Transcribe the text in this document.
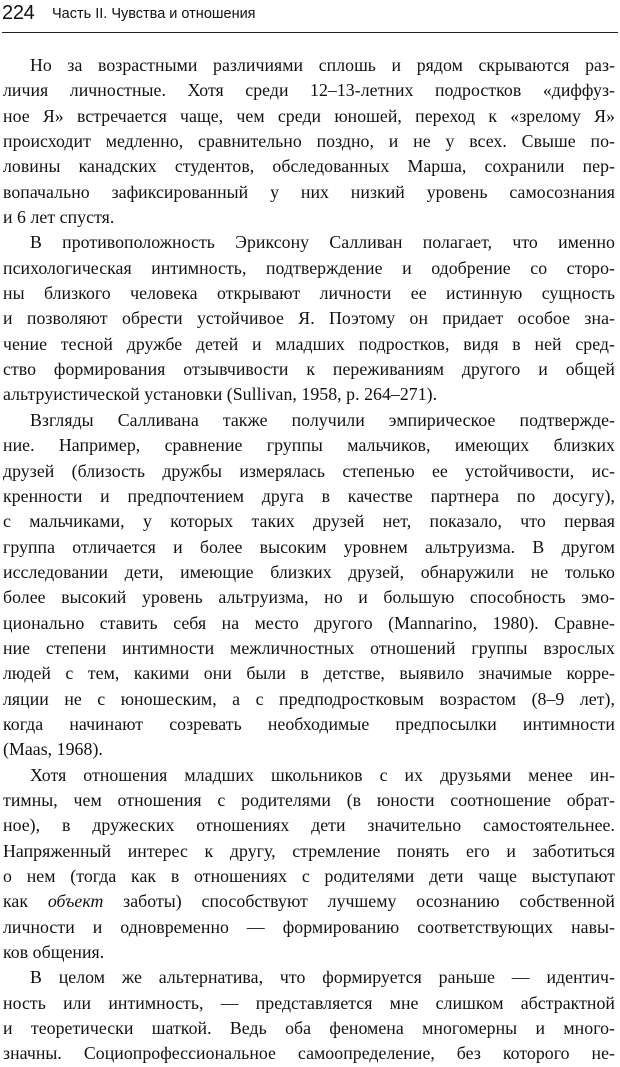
224 Часть II. Чувства и отношения
Но за возрастными различиями сплошь и рядом скрываются раз-
личия личностные. Хотя среди 12–13-летних подростков «диффуз-
ное Я» встречается чаще, чем среди юношей, переход к «зрелому Я»
происходит медленно, сравнительно поздно, и не у всех. Свыше по-
ловины канадских студентов, обследованных Марша, сохранили пер-
вопачально зафиксированный у них низкий уровень самосознания
и 6 лет спустя.
В противоположность Эриксону Салливан полагает, что именно
психологическая интимность, подтверждение и одобрение со сторо-
ны близкого человека открывают личности ее истинную сущность
и позволяют обрести устойчивое Я. Поэтому он придает особое зна-
чение тесной дружбе детей и младших подростков, видя в ней сред-
ство формирования отзывчивости к переживаниям другого и общей
альтруистической установки (Sullivan, 1958, p. 264–271).
Взгляды Салливана также получили эмпирическое подтвержде-
ние. Например, сравнение группы мальчиков, имеющих близких
друзей (близость дружбы измерялась степенью ее устойчивости, ис-
кренности и предпочтением друга в качестве партнера по досугу),
с мальчиками, у которых таких друзей нет, показало, что первая
группа отличается и более высоким уровнем альтруизма. В другом
исследовании дети, имеющие близких друзей, обнаружили не только
более высокий уровень альтруизма, но и большую способность эмо-
ционально ставить себя на место другого (Mannarino, 1980). Сравне-
ние степени интимности межличностных отношений группы взрослых
людей с тем, какими они были в детстве, выявило значимые корре-
ляции не с юношеским, а с предподростковым возрастом (8–9 лет),
когда начинают созревать необходимые предпосылки интимности
(Maas, 1968).
Хотя отношения младших школьников с их друзьями менее ин-
тимны, чем отношения с родителями (в юности соотношение обрат-
ное), в дружеских отношениях дети значительно самостоятельнее.
Напряженный интерес к другу, стремление понять его и заботиться
о нем (тогда как в отношениях с родителями дети чаще выступают
как объект заботы) способствуют лучшему осознанию собственной
личности и одновременно — формированию соответствующих навы-
ков общения.
В целом же альтернатива, что формируется раньше — идентич-
ность или интимность, — представляется мне слишком абстрактной
и теоретически шаткой. Ведь оба феномена многомерны и много-
значны. Социопрофессиональное самоопределение, без которого не-
